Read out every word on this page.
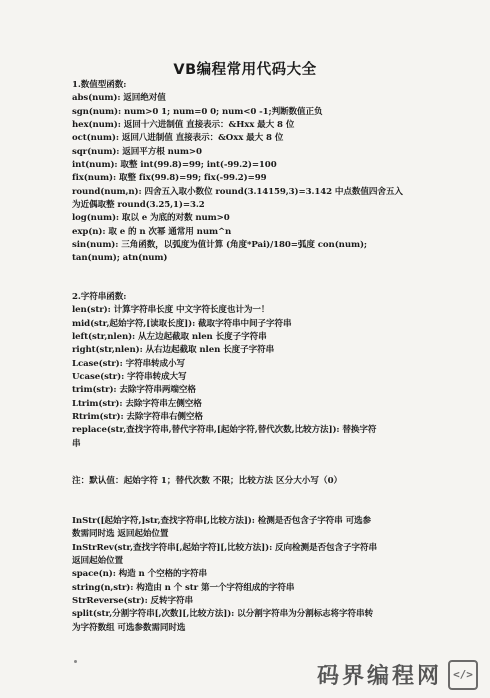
VB编程常用代码大全
1.数值型函数:
abs(num): 返回绝对值
sgn(num): num>0 1; num=0 0; num<0 -1;判断数值正负
hex(num): 返回十六进制值 直接表示：&Hxx 最大 8 位
oct(num): 返回八进制值 直接表示：&Oxx 最大 8 位
sqr(num): 返回平方根 num>0
int(num): 取整 int(99.8)=99; int(-99.2)=100
fix(num): 取整 fix(99.8)=99; fix(-99.2)=99
round(num,n): 四舍五入取小数位 round(3.14159,3)=3.142 中点数值四舍五入
为近偶取整 round(3.25,1)=3.2
log(num): 取以 e 为底的对数 num>0
exp(n): 取 e 的 n 次幂 通常用 num^n
sin(num): 三角函数，以弧度为值计算 (角度*Pai)/180=弧度 con(num);
tan(num); atn(num)
2.字符串函数:
len(str): 计算字符串长度 中文字符长度也计为一！
mid(str,起始字符,[读取长度]): 截取字符串中间子字符串
left(str,nlen): 从左边起截取 nlen 长度子字符串
right(str,nlen): 从右边起截取 nlen 长度子字符串
Lcase(str): 字符串转成小写
Ucase(str): 字符串转成大写
trim(str): 去除字符串两端空格
Ltrim(str): 去除字符串左侧空格
Rtrim(str): 去除字符串右侧空格
replace(str,查找字符串,替代字符串,[起始字符,替代次数,比较方法]): 替换字符
串
注：默认值：起始字符 1；替代次数 不限；比较方法 区分大小写（0）
InStr([起始字符,]str,查找字符串[,比较方法]): 检测是否包含子字符串 可选参
数需同时选 返回起始位置
InStrRev(str,查找字符串[,起始字符][,比较方法]): 反向检测是否包含子字符串
返回起始位置
space(n): 构造 n 个空格的字符串
string(n,str): 构造由 n 个 str 第一个字符组成的字符串
StrReverse(str): 反转字符串
split(str,分割字符串[,次数][,比较方法]): 以分割字符串为分割标志将字符串转
为字符数组 可选参数需同时选
码界编程网	</>
